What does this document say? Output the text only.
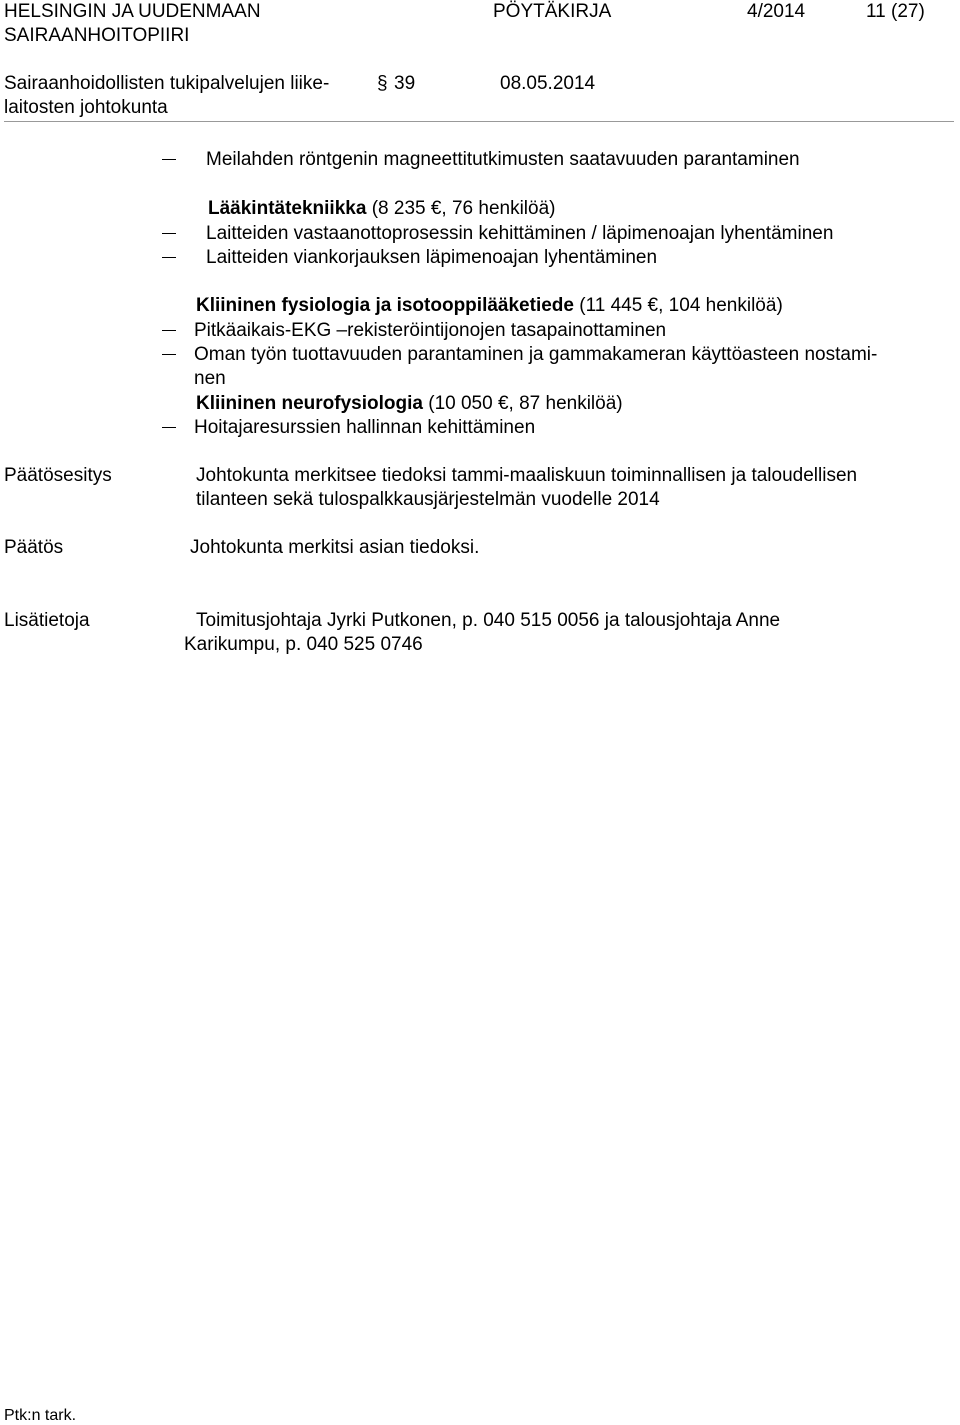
HELSINGIN JA UUDENMAAN
SAIRAANHOITOPIIRI
PÖYTÄKIRJA	4/2014	11 (27)
Sairaanhoidollisten tukipalvelujen liike-
laitosten johtokunta
§ 39	08.05.2014
Meilahden röntgenin magneettitutkimusten saatavuuden parantaminen
Lääkintätekniikka (8 235 €, 76 henkilöä)
Laitteiden vastaanottoprosessin kehittäminen / läpimenoajan lyhentäminen
Laitteiden viankorjauksen läpimenoajan lyhentäminen
Kliininen fysiologia ja isotooppilääketiede (11 445 €, 104 henkilöä)
Pitkäaikais-EKG –rekisteröintijonojen tasapainottaminen
Oman työn tuottavuuden parantaminen ja gammakameran käyttöasteen nostami-
nen
Kliininen neurofysiologia (10 050 €, 87 henkilöä)
Hoitajaresurssien hallinnan kehittäminen
Päätösesitys	Johtokunta merkitsee tiedoksi tammi-maaliskuun toiminnallisen ja taloudellisen
tilanteen sekä tulospalkkausjärjestelmän vuodelle 2014
Päätös	Johtokunta merkitsi asian tiedoksi.
Lisätietoja	Toimitusjohtaja Jyrki Putkonen, p. 040 515 0056 ja talousjohtaja Anne
Karikumpu, p. 040 525 0746
Ptk:n tark.
